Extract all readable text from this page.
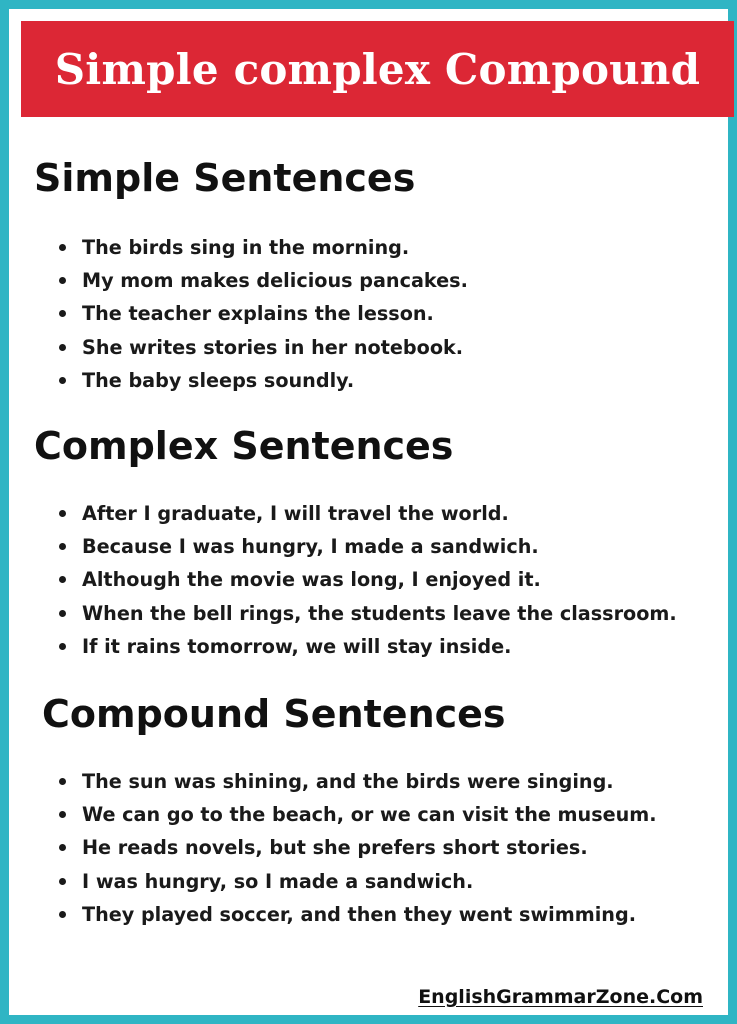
Simple complex Compound
Simple Sentences
The birds sing in the morning.
My mom makes delicious pancakes.
The teacher explains the lesson.
She writes stories in her notebook.
The baby sleeps soundly.
Complex Sentences
After I graduate, I will travel the world.
Because I was hungry, I made a sandwich.
Although the movie was long, I enjoyed it.
When the bell rings, the students leave the classroom.
If it rains tomorrow, we will stay inside.
Compound Sentences
The sun was shining, and the birds were singing.
We can go to the beach, or we can visit the museum.
He reads novels, but she prefers short stories.
I was hungry, so I made a sandwich.
They played soccer, and then they went swimming.
EnglishGrammarZone.Com
